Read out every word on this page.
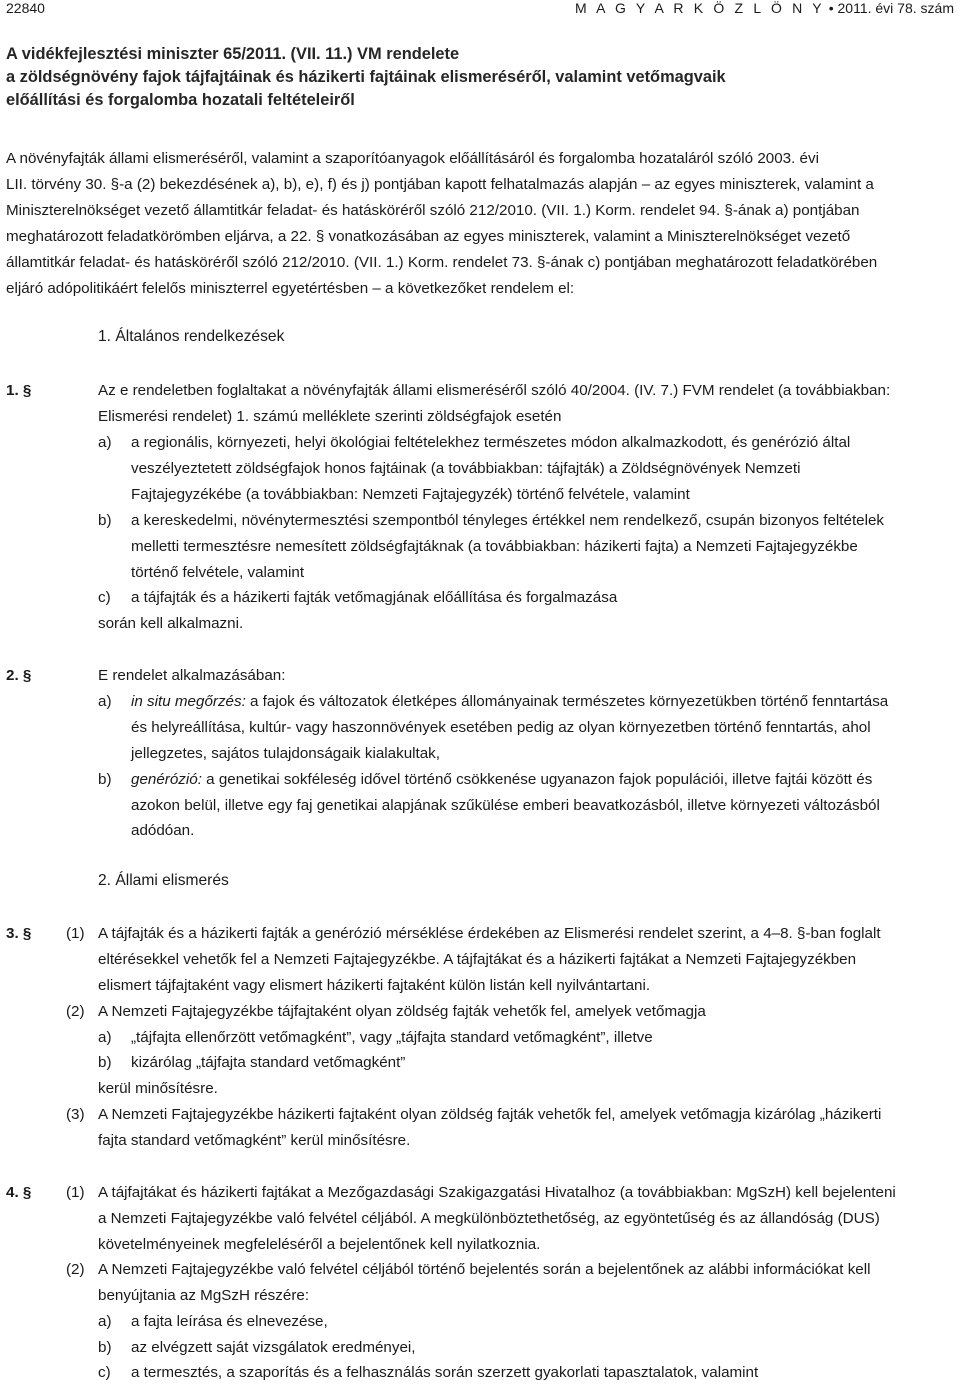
22840	M A G Y A R K Ö Z L Ö N Y • 2011. évi 78. szám
A vidékfejlesztési miniszter 65/2011. (VII. 11.) VM rendelete
a zöldségnövény fajok tájfajtáinak és házikerti fajtáinak elismeréséről, valamint vetőmagvaik
előállítási és forgalomba hozatali feltételeiről
A növényfajták állami elismeréséről, valamint a szaporítóanyagok előállításáról és forgalomba hozataláról szóló 2003. évi
LII. törvény 30. §-a (2) bekezdésének a), b), e), f) és j) pontjában kapott felhatalmazás alapján – az egyes miniszterek, valamint a
Miniszterelnökséget vezető államtitkár feladat- és hatásköréről szóló 212/2010. (VII. 1.) Korm. rendelet 94. §-ának a) pontjában
meghatározott feladatkörömben eljárva, a 22. § vonatkozásában az egyes miniszterek, valamint a Miniszterelnökséget vezető
államtitkár feladat- és hatásköréről szóló 212/2010. (VII. 1.) Korm. rendelet 73. §-ának c) pontjában meghatározott feladatkörében
eljáró adópolitikáért felelős miniszterrel egyetértésben – a következőket rendelem el:
1. Általános rendelkezések
1. §	Az e rendeletben foglaltakat a növényfajták állami elismeréséről szóló 40/2004. (IV. 7.) FVM rendelet (a továbbiakban:
Elismerési rendelet) 1. számú melléklete szerinti zöldségfajok esetén
a) a regionális, környezeti, helyi ökológiai feltételekhez természetes módon alkalmazkodott, és genérózió által
veszélyeztetett zöldségfajok honos fajtáinak (a továbbiakban: tájfajták) a Zöldségnövények Nemzeti
Fajtajegyzékébe (a továbbiakban: Nemzeti Fajtajegyzék) történő felvétele, valamint
b) a kereskedelmi, növénytermesztési szempontból tényleges értékkel nem rendelkező, csupán bizonyos feltételek
melletti termesztésre nemesített zöldségfajtáknak (a továbbiakban: házikerti fajta) a Nemzeti Fajtajegyzékbe
történő felvétele, valamint
c) a tájfajták és a házikerti fajták vetőmagjának előállítása és forgalmazása
során kell alkalmazni.
2. §	E rendelet alkalmazásában:
a) in situ megőrzés: a fajok és változatok életképes állományainak természetes környezetükben történő fenntartása
és helyreállítása, kultúr- vagy haszonnövények esetében pedig az olyan környezetben történő fenntartás, ahol
jellegzetes, sajátos tulajdonságaik kialakultak,
b) genérózió: a genetikai sokféleség idővel történő csökkenése ugyanazon fajok populációi, illetve fajtái között és
azokon belül, illetve egy faj genetikai alapjának szűkülése emberi beavatkozásból, illetve környezeti változásból
adódóan.
2. Állami elismerés
3. § (1) A tájfajták és a házikerti fajták a genérózió mérséklése érdekében az Elismerési rendelet szerint, a 4–8. §-ban foglalt
eltérésekkel vehetők fel a Nemzeti Fajtajegyzékbe. A tájfajtákat és a házikerti fajtákat a Nemzeti Fajtajegyzékben
elismert tájfajtaként vagy elismert házikerti fajtaként külön listán kell nyilvántartani.
(2) A Nemzeti Fajtajegyzékbe tájfajtaként olyan zöldség fajták vehetők fel, amelyek vetőmagja
a) „tájfajta ellenőrzött vetőmagként”, vagy „tájfajta standard vetőmagként”, illetve
b) kizárólag „tájfajta standard vetőmagként”
kerül minősítésre.
(3) A Nemzeti Fajtajegyzékbe házikerti fajtaként olyan zöldség fajták vehetők fel, amelyek vetőmagja kizárólag „házikerti
fajta standard vetőmagként” kerül minősítésre.
4. § (1) A tájfajtákat és házikerti fajtákat a Mezőgazdasági Szakigazgatási Hivatalhoz (a továbbiakban: MgSzH) kell bejelenteni
a Nemzeti Fajtajegyzékbe való felvétel céljából. A megkülönböztethetőség, az egyöntetűség és az állandóság (DUS)
követelményeinek megfeleléséről a bejelentőnek kell nyilatkoznia.
(2) A Nemzeti Fajtajegyzékbe való felvétel céljából történő bejelentés során a bejelentőnek az alábbi információkat kell
benyújtania az MgSzH részére:
a) a fajta leírása és elnevezése,
b) az elvégzett saját vizsgálatok eredményei,
c) a termesztés, a szaporítás és a felhasználás során szerzett gyakorlati tapasztalatok, valamint
